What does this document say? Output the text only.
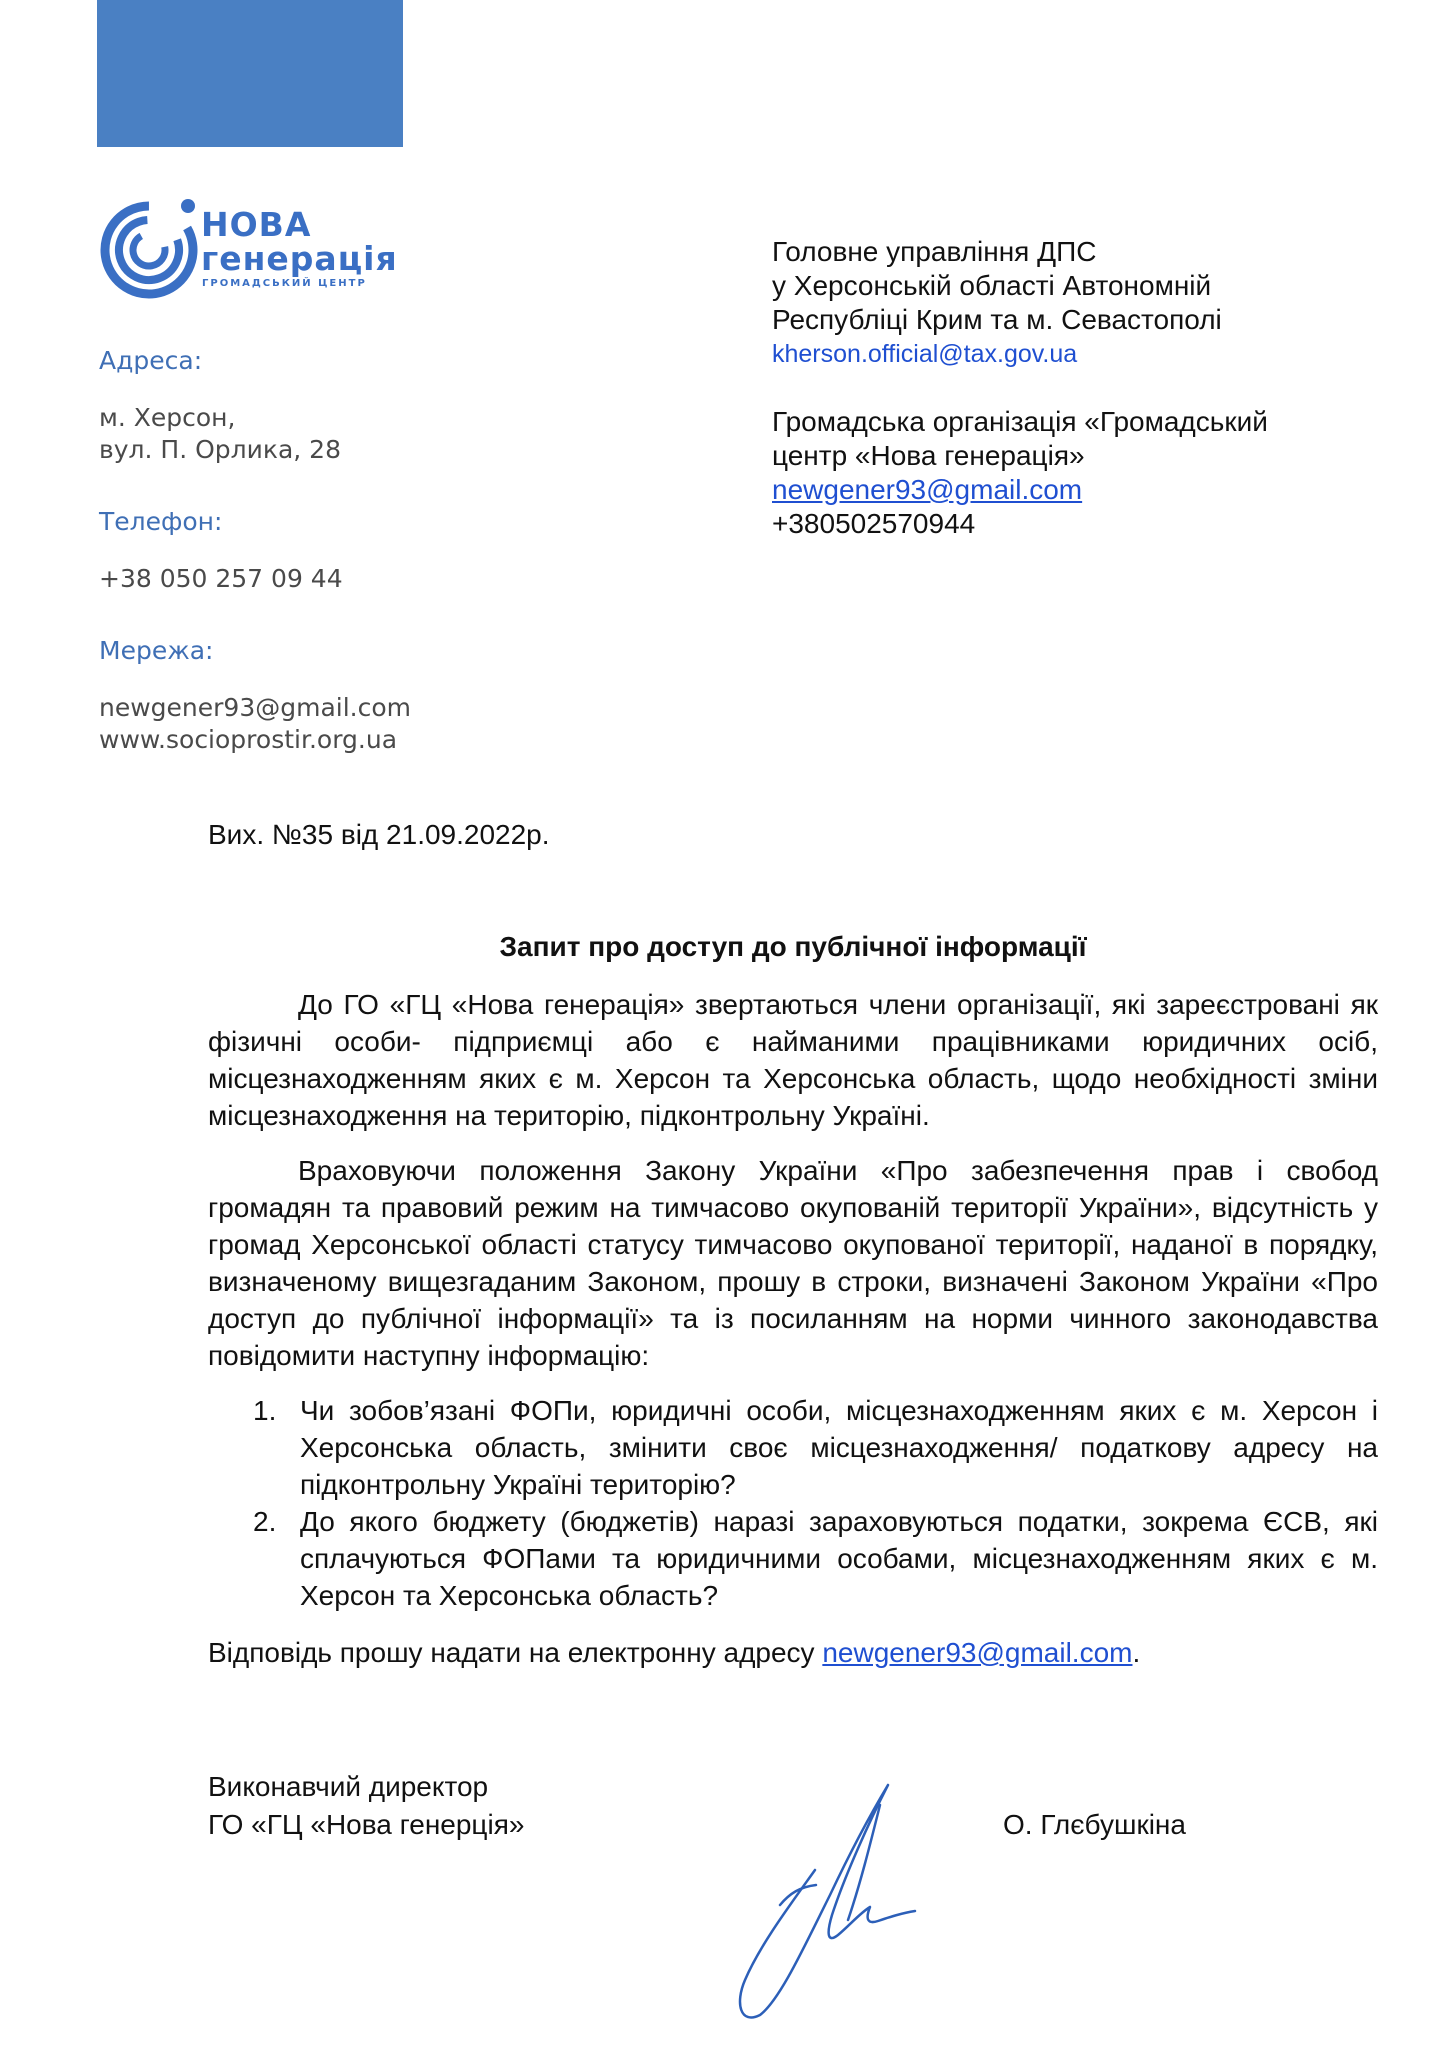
НОВА
генерація
ГРОМАДСЬКИЙ ЦЕНТР
Адреса:
м. Херсон,
вул. П. Орлика, 28
Телефон:
+38 050 257 09 44
Мережа:
newgener93@gmail.com
www.socioprostir.org.ua
Головне управління ДПС
у Херсонській області Автономній
Республіці Крим та м. Севастополі
kherson.official@tax.gov.ua
Громадська організація «Громадський
центр «Нова генерація»
newgener93@gmail.com
+380502570944
Вих. №35 від 21.09.2022р.
Запит про доступ до публічної інформації

До ГО «ГЦ «Нова генерація» звертаються члени організації, які зареєстровані як фізичні особи- підприємці або є найманими працівниками юридичних осіб, місцезнаходженням яких є м. Херсон та Херсонська область, щодо необхідності зміни місцезнаходження на територію, підконтрольну Україні.

Враховуючи положення Закону України «Про забезпечення прав і свобод громадян та правовий режим на тимчасово окупованій території України», відсутність у громад Херсонської області статусу тимчасово окупованої території, наданої в порядку, визначеному вищезгаданим Законом, прошу в строки, визначені Законом України «Про доступ до публічної інформації» та із посиланням на норми чинного законодавства повідомити наступну інформацію:

1. Чи зобов’язані ФОПи, юридичні особи, місцезнаходженням яких є м. Херсон і Херсонська область, змінити своє місцезнаходження/ податкову адресу на підконтрольну Україні територію?
2. До якого бюджету (бюджетів) наразі зараховуються податки, зокрема ЄСВ, які сплачуються ФОПами та юридичними особами, місцезнаходженням яких є м. Херсон та Херсонська область?

Відповідь прошу надати на електронну адресу newgener93@gmail.com.

Виконавчий директор
ГО «ГЦ «Нова генерція»	О. Глєбушкіна
